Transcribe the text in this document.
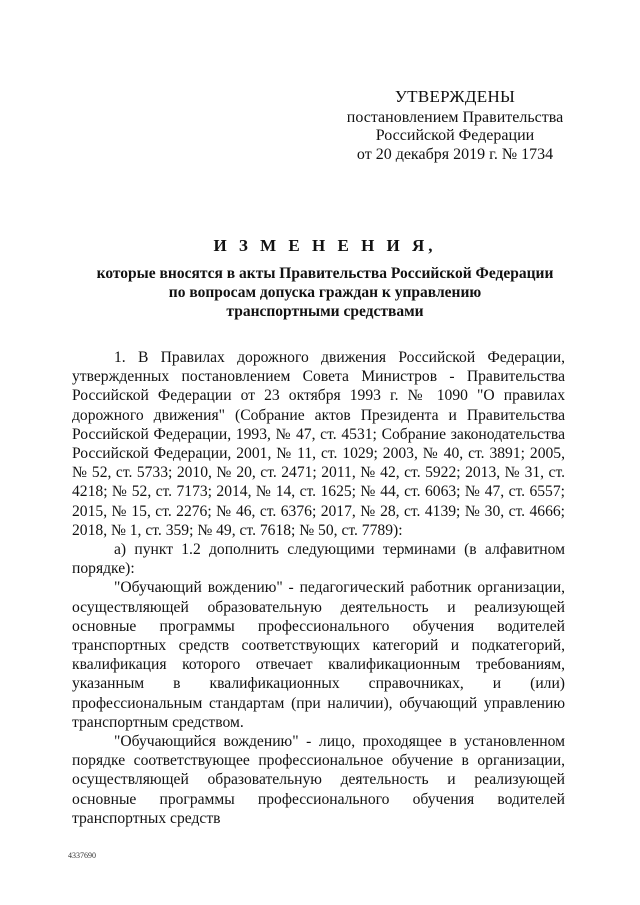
УТВЕРЖДЕНЫ
постановлением Правительства
Российской Федерации
от 20 декабря 2019 г. № 1734
И З М Е Н Е Н И Я,
которые вносятся в акты Правительства Российской Федерации
по вопросам допуска граждан к управлению
транспортными средствами

1. В Правилах дорожного движения Российской Федерации, утвержденных постановлением Совета Министров - Правительства Российской Федерации от 23 октября 1993 г. № 1090 "О правилах дорожного движения" (Собрание актов Президента и Правительства Российской Федерации, 1993, № 47, ст. 4531; Собрание законодательства Российской Федерации, 2001, № 11, ст. 1029; 2003, № 40, ст. 3891; 2005, № 52, ст. 5733; 2010, № 20, ст. 2471; 2011, № 42, ст. 5922; 2013, № 31, ст. 4218; № 52, ст. 7173; 2014, № 14, ст. 1625; № 44, ст. 6063; № 47, ст. 6557; 2015, № 15, ст. 2276; № 46, ст. 6376; 2017, № 28, ст. 4139; № 30, ст. 4666; 2018, № 1, ст. 359; № 49, ст. 7618; № 50, ст. 7789):

а) пункт 1.2 дополнить следующими терминами (в алфавитном порядке):

"Обучающий вождению" - педагогический работник организации, осуществляющей образовательную деятельность и реализующей основные программы профессионального обучения водителей транспортных средств соответствующих категорий и подкатегорий, квалификация которого отвечает квалификационным требованиям, указанным в квалификационных справочниках, и (или) профессиональным стандартам (при наличии), обучающий управлению транспортным средством.

"Обучающийся вождению" - лицо, проходящее в установленном порядке соответствующее профессиональное обучение в организации, осуществляющей образовательную деятельность и реализующей основные программы профессионального обучения водителей транспортных средств

4337690
